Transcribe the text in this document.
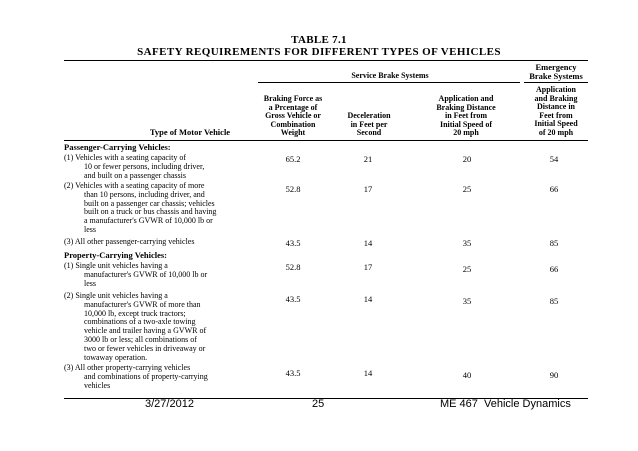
TABLE 7.1
SAFETY REQUIREMENTS FOR DIFFERENT TYPES OF VEHICLES
Service Brake Systems
Emergency
Brake Systems
Type of Motor Vehicle
Braking Force as
a Prcentage of
Gross Vehicle or
Combination
Weight
Deceleration
in Feet per
Second
Application and
Braking Distance
in Feet from
Initial Speed of
20 mph
Application
and Braking
Distance in
Feet from
Initial Speed
of 20 mph
Passenger-Carrying Vehicles:
(1) Vehicles with a seating capacity of
10 or fewer persons, including driver,
and built on a passenger chassis
65.2	21	20	54
(2) Vehicles with a seating capacity of more
than 10 persons, including driver, and
built on a passenger car chassis; vehicles
built on a truck or bus chassis and having
a manufacturer's GVWR of 10,000 lb or
less
52.8	17	25	66
(3) All other passenger-carrying vehicles	43.5	14	35	85
Property-Carrying Vehicles:
(1) Single unit vehicles having a
manufacturer's GVWR of 10,000 lb or
less
52.8	17	25	66
(2) Single unit vehicles having a
manufacturer's GVWR of more than
10,000 lb, except truck tractors;
combinations of a two-axle towing
vehicle and trailer having a GVWR of
3000 lb or less; all combinations of
two or fewer vehicles in driveaway or
towaway operation.
43.5	14	35	85
(3) All other property-carrying vehicles
and combinations of property-carrying
vehicles
43.5	14	40	90
3/27/2012	25	ME 467  Vehicle Dynamics
